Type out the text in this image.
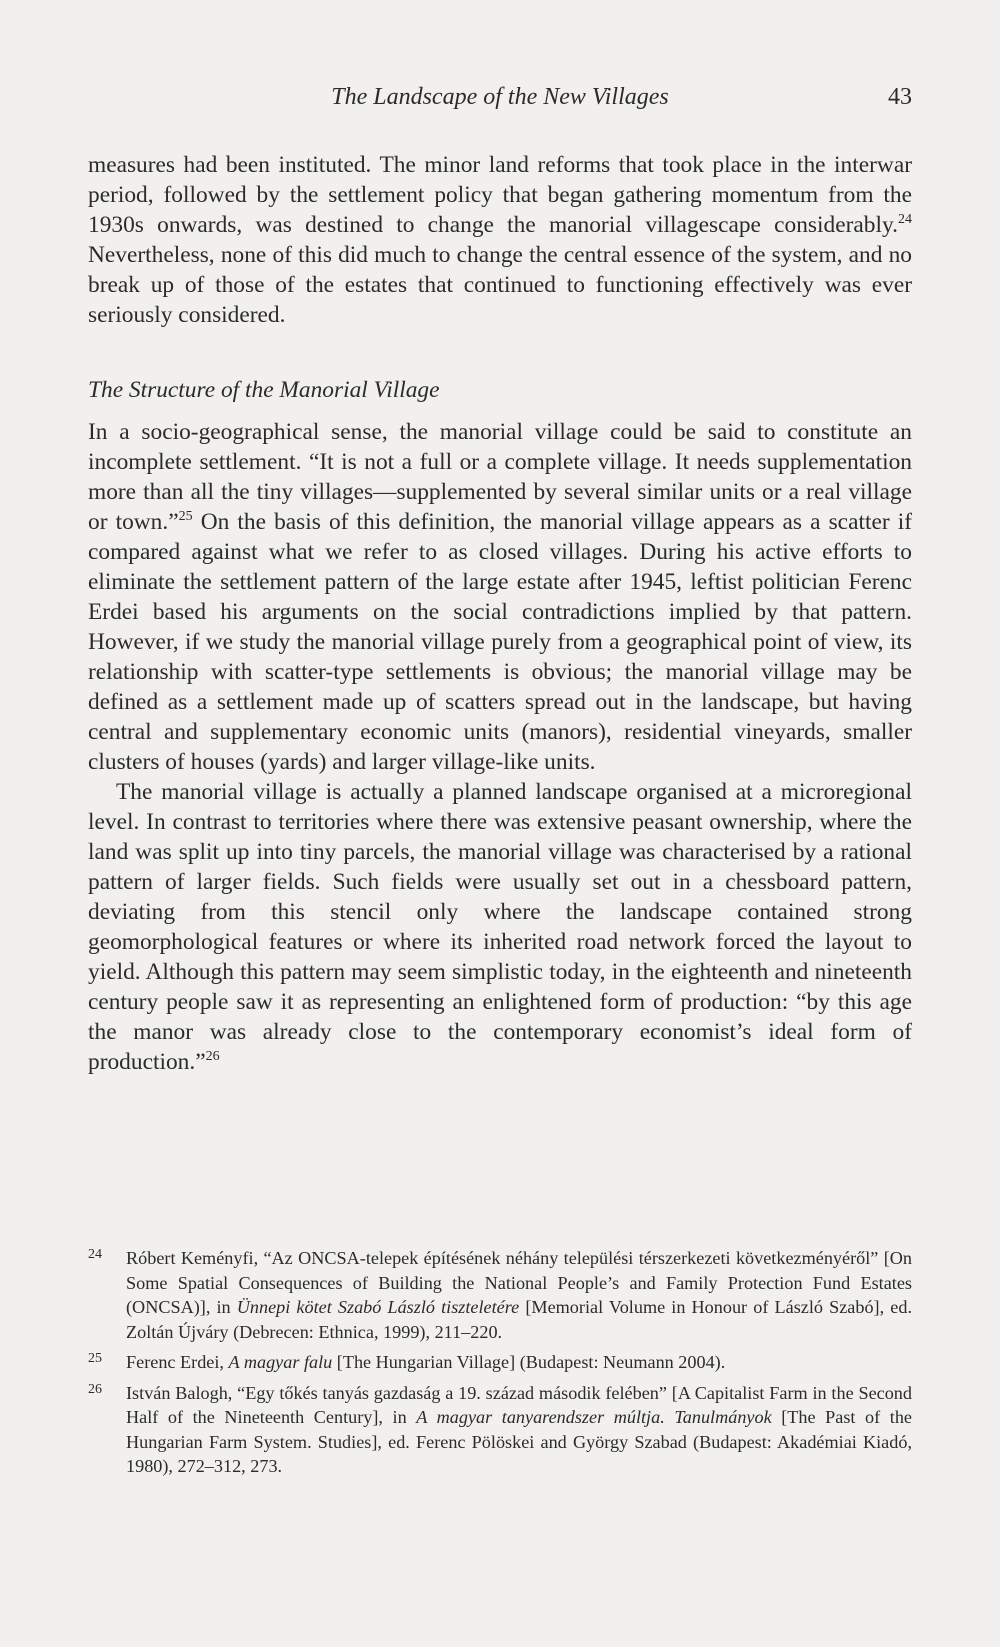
The Landscape of the New Villages	43

measures had been instituted. The minor land reforms that took place in the interwar period, followed by the settlement policy that began gathering momentum from the 1930s onwards, was destined to change the manorial villagescape considerably.$^{24}$ Nevertheless, none of this did much to change the central essence of the system, and no break up of those of the estates that continued to functioning effectively was ever seriously considered.

The Structure of the Manorial Village

In a socio-geographical sense, the manorial village could be said to constitute an incomplete settlement. “It is not a full or a complete village. It needs supplementation more than all the tiny villages—supplemented by several similar units or a real village or town.”$^{25}$ On the basis of this definition, the manorial village appears as a scatter if compared against what we refer to as closed villages. During his active efforts to eliminate the settlement pattern of the large estate after 1945, leftist politician Ferenc Erdei based his arguments on the social contradictions implied by that pattern. However, if we study the manorial village purely from a geographical point of view, its relationship with scatter-type settlements is obvious; the manorial village may be defined as a settlement made up of scatters spread out in the landscape, but having central and supplementary economic units (manors), residential vineyards, smaller clusters of houses (yards) and larger village-like units.

The manorial village is actually a planned landscape organised at a microregional level. In contrast to territories where there was extensive peasant ownership, where the land was split up into tiny parcels, the manorial village was characterised by a rational pattern of larger fields. Such fields were usually set out in a chessboard pattern, deviating from this stencil only where the landscape contained strong geomorphological features or where its inherited road network forced the layout to yield. Although this pattern may seem simplistic today, in the eighteenth and nineteenth century people saw it as representing an enlightened form of production: “by this age the manor was already close to the contemporary economist’s ideal form of production.”$^{26}$

24	Róbert Keményfi, “Az ONCSA-telepek építésének néhány települési térszerkezeti következményéről” [On Some Spatial Consequences of Building the National People’s and Family Protection Fund Estates (ONCSA)], in Ünnepi kötet Szabó László tiszteletére [Memorial Volume in Honour of László Szabó], ed. Zoltán Újváry (Debrecen: Ethnica, 1999), 211–220.
25	Ferenc Erdei, A magyar falu [The Hungarian Village] (Budapest: Neumann 2004).
26	István Balogh, “Egy tőkés tanyás gazdaság a 19. század második felében” [A Capitalist Farm in the Second Half of the Nineteenth Century], in A magyar tanyarendszer múltja. Tanulmányok [The Past of the Hungarian Farm System. Studies], ed. Ferenc Pölöskei and György Szabad (Budapest: Akadémiai Kiadó, 1980), 272–312, 273.
